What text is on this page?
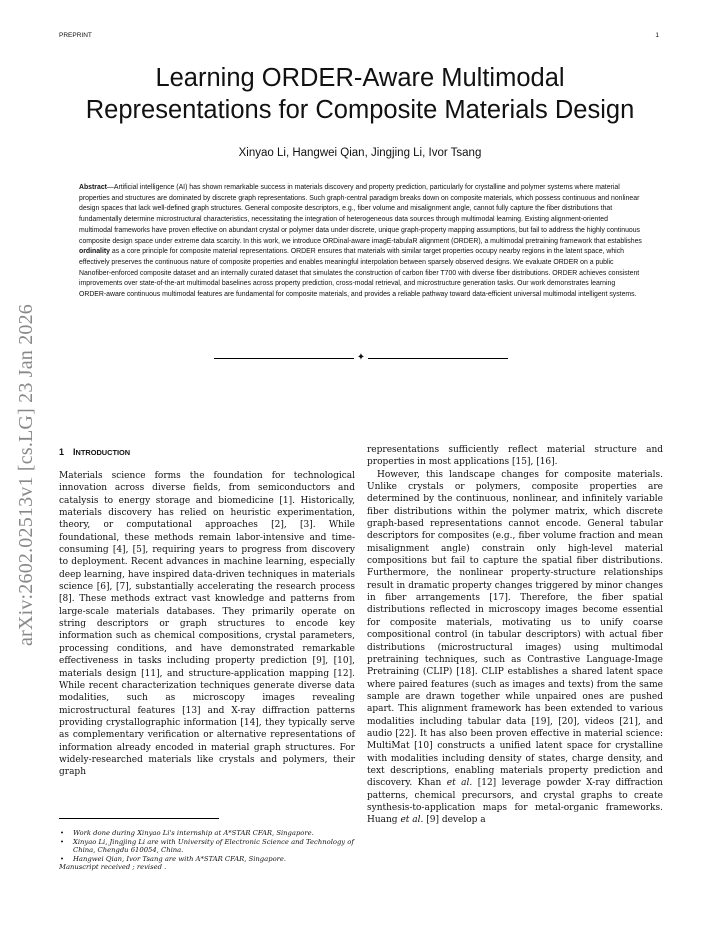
PREPRINT	1
Learning ORDER-Aware Multimodal
Representations for Composite Materials Design
Xinyao Li, Hangwei Qian, Jingjing Li, Ivor Tsang
Abstract—Artificial intelligence (AI) has shown remarkable success in materials discovery and property prediction, particularly for crystalline and polymer systems where material properties and structures are dominated by discrete graph representations. Such graph-central paradigm breaks down on composite materials, which possess continuous and nonlinear design spaces that lack well-defined graph structures. General composite descriptors, e.g., fiber volume and misalignment angle, cannot fully capture the fiber distributions that fundamentally determine microstructural characteristics, necessitating the integration of heterogeneous data sources through multimodal learning. Existing alignment-oriented multimodal frameworks have proven effective on abundant crystal or polymer data under discrete, unique graph-property mapping assumptions, but fail to address the highly continuous composite design space under extreme data scarcity. In this work, we introduce ORDinal-aware imagE-tabulaR alignment (ORDER), a multimodal pretraining framework that establishes ordinality as a core principle for composite material representations. ORDER ensures that materials with similar target properties occupy nearby regions in the latent space, which effectively preserves the continuous nature of composite properties and enables meaningful interpolation between sparsely observed designs. We evaluate ORDER on a public Nanofiber-enforced composite dataset and an internally curated dataset that simulates the construction of carbon fiber T700 with diverse fiber distributions. ORDER achieves consistent improvements over state-of-the-art multimodal baselines across property prediction, cross-modal retrieval, and microstructure generation tasks. Our work demonstrates learning ORDER-aware continuous multimodal features are fundamental for composite materials, and provides a reliable pathway toward data-efficient universal multimodal intelligent systems.
✦
arXiv:2602.02513v1 [cs.LG] 23 Jan 2026	1 INTRODUCTION

Materials science forms the foundation for technological innovation across diverse fields, from semiconductors and catalysis to energy storage and biomedicine [1]. Historically, materials discovery has relied on heuristic experimentation, theory, or computational approaches [2], [3]. While foundational, these methods remain labor-intensive and time-consuming [4], [5], requiring years to progress from discovery to deployment. Recent advances in machine learning, especially deep learning, have inspired data-driven techniques in materials science [6], [7], substantially accelerating the research process [8]. These methods extract vast knowledge and patterns from large-scale materials databases. They primarily operate on string descriptors or graph structures to encode key information such as chemical compositions, crystal parameters, processing conditions, and have demonstrated remarkable effectiveness in tasks including property prediction [9], [10], materials design [11], and structure-application mapping [12]. While recent characterization techniques generate diverse data modalities, such as microscopy images revealing microstructural features [13] and X-ray diffraction patterns providing crystallographic information [14], they typically serve as complementary verification or alternative representations of information already encoded in material graph structures. For widely-researched materials like crystals and polymers, their graph

representations sufficiently reflect material structure and properties in most applications [15], [16].

However, this landscape changes for composite materials. Unlike crystals or polymers, composite properties are determined by the continuous, nonlinear, and infinitely variable fiber distributions within the polymer matrix, which discrete graph-based representations cannot encode. General tabular descriptors for composites (e.g., fiber volume fraction and mean misalignment angle) constrain only high-level material compositions but fail to capture the spatial fiber distributions. Furthermore, the nonlinear property-structure relationships result in dramatic property changes triggered by minor changes in fiber arrangements [17]. Therefore, the fiber spatial distributions reflected in microscopy images become essential for composite materials, motivating us to unify coarse compositional control (in tabular descriptors) with actual fiber distributions (microstructural images) using multimodal pretraining techniques, such as Contrastive Language-Image Pretraining (CLIP) [18]. CLIP establishes a shared latent space where paired features (such as images and texts) from the same sample are drawn together while unpaired ones are pushed apart. This alignment framework has been extended to various modalities including tabular data [19], [20], videos [21], and audio [22]. It has also been proven effective in material science: MultiMat [10] constructs a unified latent space for crystalline with modalities including density of states, charge density, and text descriptions, enabling materials property prediction and discovery. Khan et al. [12] leverage powder X-ray diffraction patterns, chemical precursors, and crystal graphs to create synthesis-to-application maps for metal-organic frameworks. Huang et al. [9] develop a

• Work done during Xinyao Li's internship at A*STAR CFAR, Singapore.
• Xinyao Li, Jingjing Li are with University of Electronic Science and Technology of China, Chengdu 610054, China.
• Hangwei Qian, Ivor Tsang are with A*STAR CFAR, Singapore.
Manuscript received ; revised .
